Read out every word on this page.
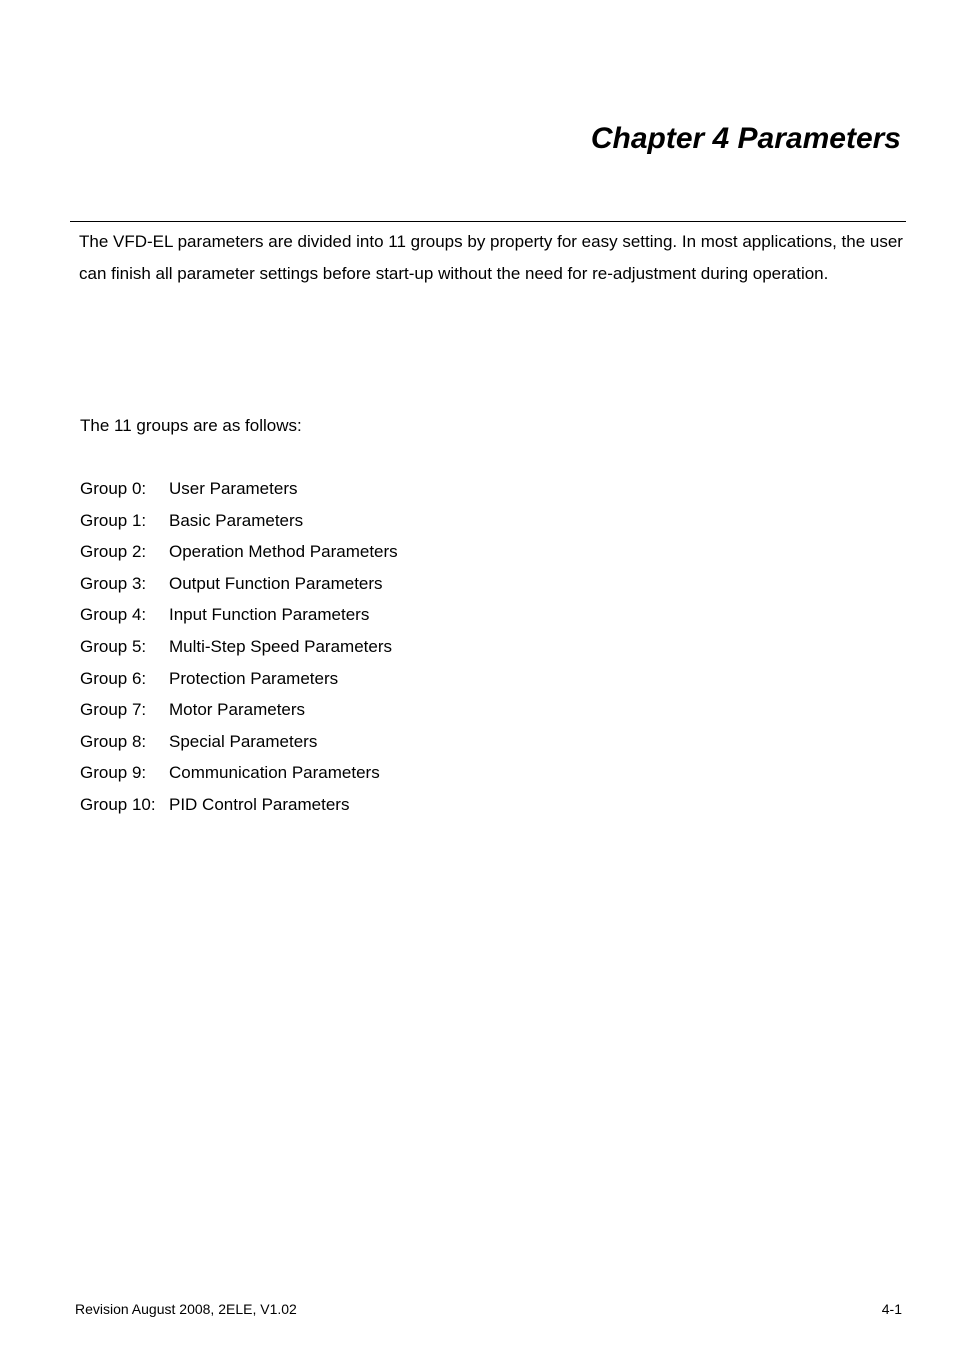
Chapter 4 Parameters

The VFD-EL parameters are divided into 11 groups by property for easy setting. In most applications, the user can finish all parameter settings before start-up without the need for re-adjustment during operation.

The 11 groups are as follows:

Group 0: User Parameters
Group 1: Basic Parameters
Group 2: Operation Method Parameters
Group 3: Output Function Parameters
Group 4: Input Function Parameters
Group 5: Multi-Step Speed Parameters
Group 6: Protection Parameters
Group 7: Motor Parameters
Group 8: Special Parameters
Group 9: Communication Parameters
Group 10: PID Control Parameters
Revision August 2008, 2ELE, V1.02	4-1
